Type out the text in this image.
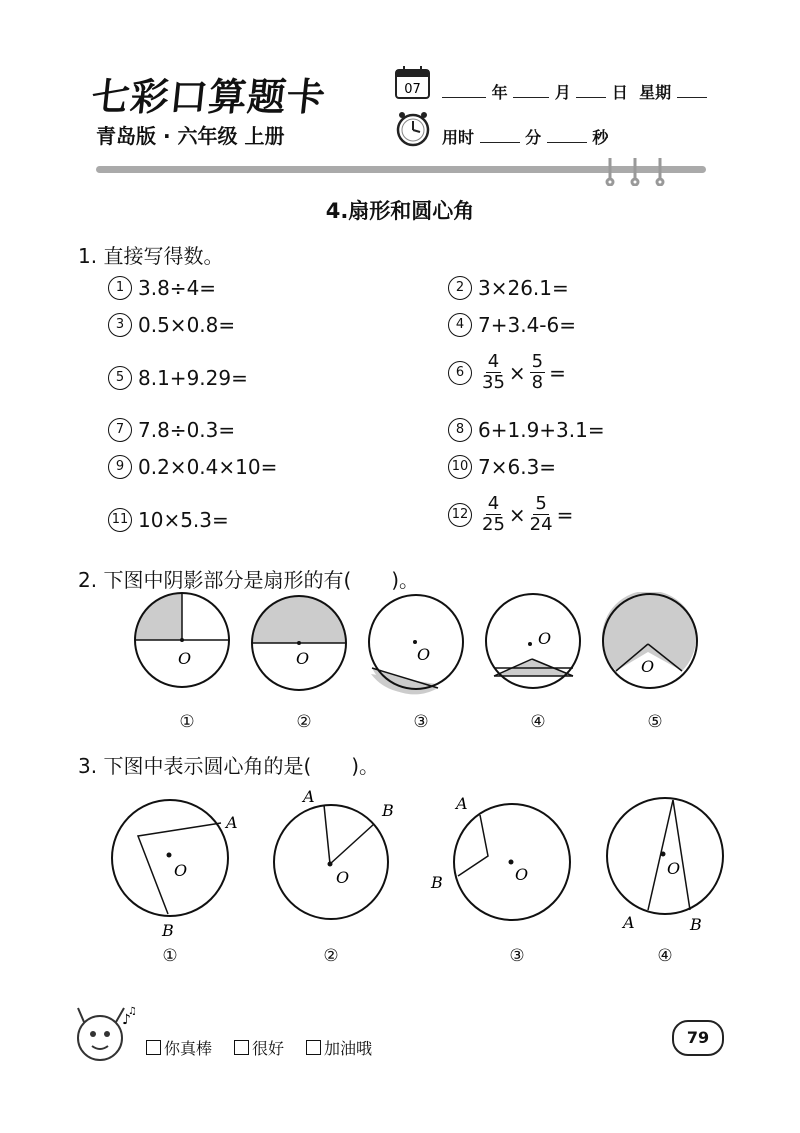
七彩口算题卡
青岛版 · 六年级 上册
07	年	月	日 星期
用时	分	秒
4.扇形和圆心角
1. 直接写得数。
1 3.8÷4=	2 3×26.1=
3 0.5×0.8=	4 7+3.4-6=
5 8.1+9.29=	$6 \frac{4}{35} \times \frac{5}{8}$ =
7 7.8÷0.3=	8 6+1.9+3.1=
9 0.2×0.4×10=	10 7×6.3=
11 10×5.3=	$12 \frac{4}{25} \times \frac{5}{24}$ =
2. 下图中阴影部分是扇形的有(　　)。
O	O	O
O
O
①	②	③	④	⑤
3. 下图中表示圆心角的是(　　)。
O
A
B
O
A
B
O
A
B
O
A	B
①	②	③	④
♪
♫
你真棒	很好	加油哦
79
